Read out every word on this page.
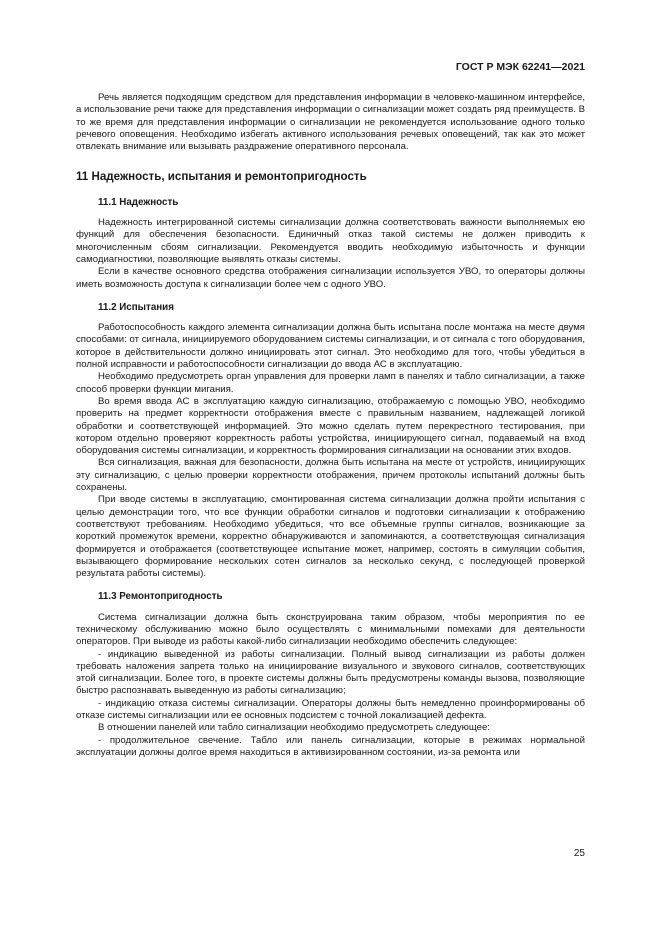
ГОСТ Р МЭК 62241—2021

Речь является подходящим средством для представления информации в человеко-машинном интерфейсе, а использование речи также для представления информации о сигнализации может создать ряд преимуществ. В то же время для представления информации о сигнализации не рекомендуется использование одного только речевого оповещения. Необходимо избегать активного использования речевых оповещений, так как это может отвлекать внимание или вызывать раздражение оперативного персонала.

11 Надежность, испытания и ремонтопригодность
11.1 Надежность

Надежность интегрированной системы сигнализации должна соответствовать важности выполняемых ею функций для обеспечения безопасности. Единичный отказ такой системы не должен приводить к многочисленным сбоям сигнализации. Рекомендуется вводить необходимую избыточность и функции самодиагностики, позволяющие выявлять отказы системы.

Если в качестве основного средства отображения сигнализации используется УВО, то операторы должны иметь возможность доступа к сигнализации более чем с одного УВО.

11.2 Испытания

Работоспособность каждого элемента сигнализации должна быть испытана после монтажа на месте двумя способами: от сигнала, инициируемого оборудованием системы сигнализации, и от сигнала с того оборудования, которое в действительности должно инициировать этот сигнал. Это необходимо для того, чтобы убедиться в полной исправности и работоспособности сигнализации до ввода АС в эксплуатацию.

Необходимо предусмотреть орган управления для проверки ламп в панелях и табло сигнализации, а также способ проверки функции мигания.

Во время ввода АС в эксплуатацию каждую сигнализацию, отображаемую с помощью УВО, необходимо проверить на предмет корректности отображения вместе с правильным названием, надлежащей логикой обработки и соответствующей информацией. Это можно сделать путем перекрестного тестирования, при котором отдельно проверяют корректность работы устройства, инициирующего сигнал, подаваемый на вход оборудования системы сигнализации, и корректность формирования сигнализации на основании этих входов.

Вся сигнализация, важная для безопасности, должна быть испытана на месте от устройств, инициирующих эту сигнализацию, с целью проверки корректности отображения, причем протоколы испытаний должны быть сохранены.

При вводе системы в эксплуатацию, смонтированная система сигнализации должна пройти испытания с целью демонстрации того, что все функции обработки сигналов и подготовки сигнализации к отображению соответствуют требованиям. Необходимо убедиться, что все объемные группы сигналов, возникающие за короткий промежуток времени, корректно обнаруживаются и запоминаются, а соответствующая сигнализация формируется и отображается (соответствующее испытание может, например, состоять в симуляции события, вызывающего формирование нескольких сотен сигналов за несколько секунд, с последующей проверкой результата работы системы).

11.3 Ремонтопригодность

Система сигнализации должна быть сконструирована таким образом, чтобы мероприятия по ее техническому обслуживанию можно было осуществлять с минимальными помехами для деятельности операторов. При выводе из работы какой-либо сигнализации необходимо обеспечить следующее:

- индикацию выведенной из работы сигнализации. Полный вывод сигнализации из работы должен требовать наложения запрета только на инициирование визуального и звукового сигналов, соответствующих этой сигнализации. Более того, в проекте системы должны быть предусмотрены команды вызова, позволяющие быстро распознавать выведенную из работы сигнализацию;

- индикацию отказа системы сигнализации. Операторы должны быть немедленно проинформированы об отказе системы сигнализации или ее основных подсистем с точной локализацией дефекта.

В отношении панелей или табло сигнализации необходимо предусмотреть следующее:

- продолжительное свечение. Табло или панель сигнализации, которые в режимах нормальной эксплуатации должны долгое время находиться в активизированном состоянии, из-за ремонта или

25
